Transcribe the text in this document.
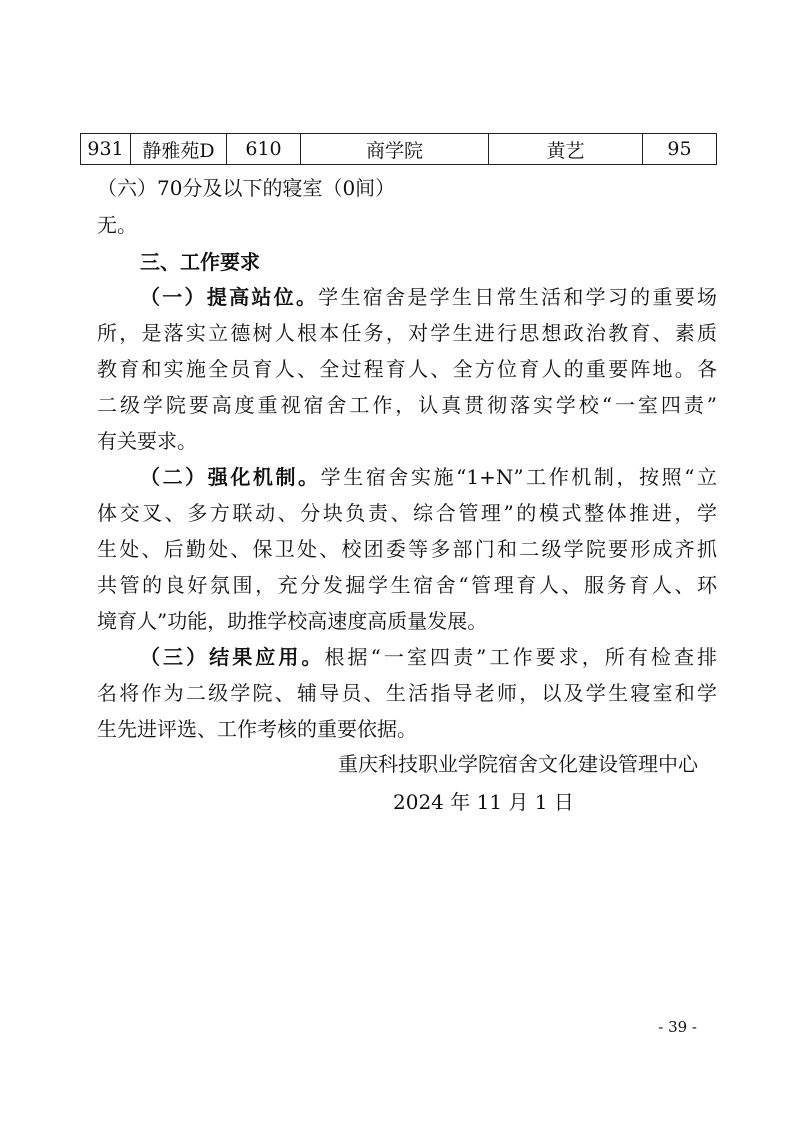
931	静雅苑D	610	商学院	黄艺	95
（六）70分及以下的寝室（0间）
无。
三、工作要求
（一）提高站位。学生宿舍是学生日常生活和学习的重要场
所，是落实立德树人根本任务，对学生进行思想政治教育、素质
教育和实施全员育人、全过程育人、全方位育人的重要阵地。各
二级学院要高度重视宿舍工作，认真贯彻落实学校“一室四责”
有关要求。
（二）强化机制。学生宿舍实施“1+N”工作机制，按照“立
体交叉、多方联动、分块负责、综合管理”的模式整体推进，学
生处、后勤处、保卫处、校团委等多部门和二级学院要形成齐抓
共管的良好氛围，充分发掘学生宿舍“管理育人、服务育人、环
境育人”功能，助推学校高速度高质量发展。
（三）结果应用。根据“一室四责”工作要求，所有检查排
名将作为二级学院、辅导员、生活指导老师，以及学生寝室和学
生先进评选、工作考核的重要依据。
重庆科技职业学院宿舍文化建设管理中心
2024 年 11 月 1 日
- 39 -
